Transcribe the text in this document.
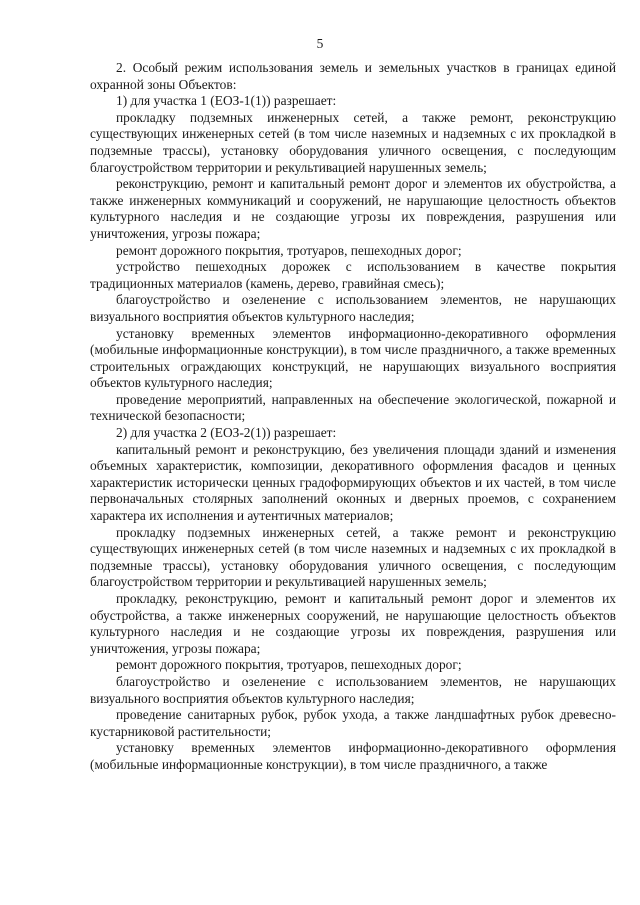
5

2. Особый режим использования земель и земельных участков в границах единой охранной зоны Объектов:

1) для участка 1 (ЕОЗ-1(1)) разрешает:

прокладку подземных инженерных сетей, а также ремонт, реконструкцию существующих инженерных сетей (в том числе наземных и надземных с их прокладкой в подземные трассы), установку оборудования уличного освещения, с последующим благоустройством территории и рекультивацией нарушенных земель;

реконструкцию, ремонт и капитальный ремонт дорог и элементов их обустройства, а также инженерных коммуникаций и сооружений, не нарушающие целостность объектов культурного наследия и не создающие угрозы их повреждения, разрушения или уничтожения, угрозы пожара;

ремонт дорожного покрытия, тротуаров, пешеходных дорог;

устройство пешеходных дорожек с использованием в качестве покрытия традиционных материалов (камень, дерево, гравийная смесь);

благоустройство и озеленение с использованием элементов, не нарушающих визуального восприятия объектов культурного наследия;

установку временных элементов информационно-декоративного оформления (мобильные информационные конструкции), в том числе праздничного, а также временных строительных ограждающих конструкций, не нарушающих визуального восприятия объектов культурного наследия;

проведение мероприятий, направленных на обеспечение экологической, пожарной и технической безопасности;

2) для участка 2 (ЕОЗ-2(1)) разрешает:

капитальный ремонт и реконструкцию, без увеличения площади зданий и изменения объемных характеристик, композиции, декоративного оформления фасадов и ценных характеристик исторически ценных градоформирующих объектов и их частей, в том числе первоначальных столярных заполнений оконных и дверных проемов, с сохранением характера их исполнения и аутентичных материалов;

прокладку подземных инженерных сетей, а также ремонт и реконструкцию существующих инженерных сетей (в том числе наземных и надземных с их прокладкой в подземные трассы), установку оборудования уличного освещения, с последующим благоустройством территории и рекультивацией нарушенных земель;

прокладку, реконструкцию, ремонт и капитальный ремонт дорог и элементов их обустройства, а также инженерных сооружений, не нарушающие целостность объектов культурного наследия и не создающие угрозы их повреждения, разрушения или уничтожения, угрозы пожара;

ремонт дорожного покрытия, тротуаров, пешеходных дорог;

благоустройство и озеленение с использованием элементов, не нарушающих визуального восприятия объектов культурного наследия;

проведение санитарных рубок, рубок ухода, а также ландшафтных рубок древесно-кустарниковой растительности;

установку временных элементов информационно-декоративного оформления (мобильные информационные конструкции), в том числе праздничного, а также
